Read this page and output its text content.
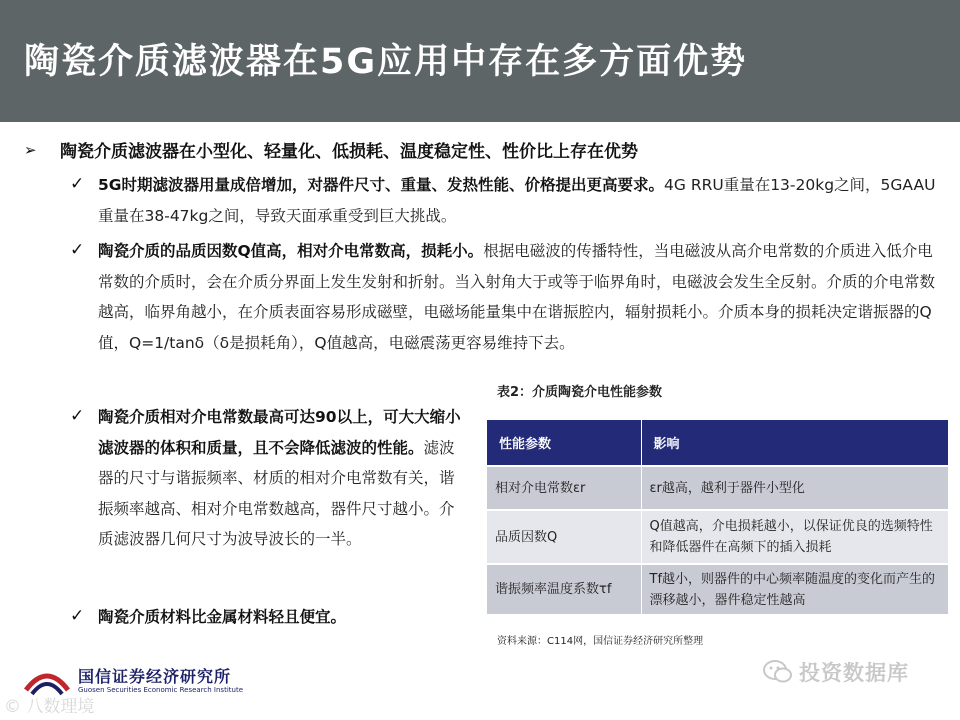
陶瓷介质滤波器在5G应用中存在多方面优势
➢	陶瓷介质滤波器在小型化、轻量化、低损耗、温度稳定性、性价比上存在优势
✓ 5G时期滤波器用量成倍增加，对器件尺寸、重量、发热性能、价格提出更高要求。4G RRU重量在13-20kg之间，5GAAU重量在38-47kg之间，导致天面承重受到巨大挑战。
✓ 陶瓷介质的品质因数Q值高，相对介电常数高，损耗小。根据电磁波的传播特性，当电磁波从高介电常数的介质进入低介电常数的介质时，会在介质分界面上发生发射和折射。当入射角大于或等于临界角时，电磁波会发生全反射。介质的介电常数越高，临界角越小，在介质表面容易形成磁壁，电磁场能量集中在谐振腔内，辐射损耗小。介质本身的损耗决定谐振器的Q值，Q=1/tanδ（δ是损耗角），Q值越高，电磁震荡更容易维持下去。
✓ 陶瓷介质相对介电常数最高可达90以上，可大大缩小滤波器的体积和质量，且不会降低滤波的性能。滤波器的尺寸与谐振频率、材质的相对介电常数有关，谐振频率越高、相对介电常数越高，器件尺寸越小。介质滤波器几何尺寸为波导波长的一半。
✓ 陶瓷介质材料比金属材料轻且便宜。
表2：介质陶瓷介电性能参数
性能参数	影响
相对介电常数εr	εr越高，越利于器件小型化
品质因数Q	Q值越高，介电损耗越小，以保证优良的选频特性和降低器件在高频下的插入损耗
谐振频率温度系数τf	Tf越小，则器件的中心频率随温度的变化而产生的漂移越小，器件稳定性越高
资料来源：C114网，国信证券经济研究所整理
国信证券经济研究所
Guosen Securities Economic Research Institute
© 八数理境
投资数据库
